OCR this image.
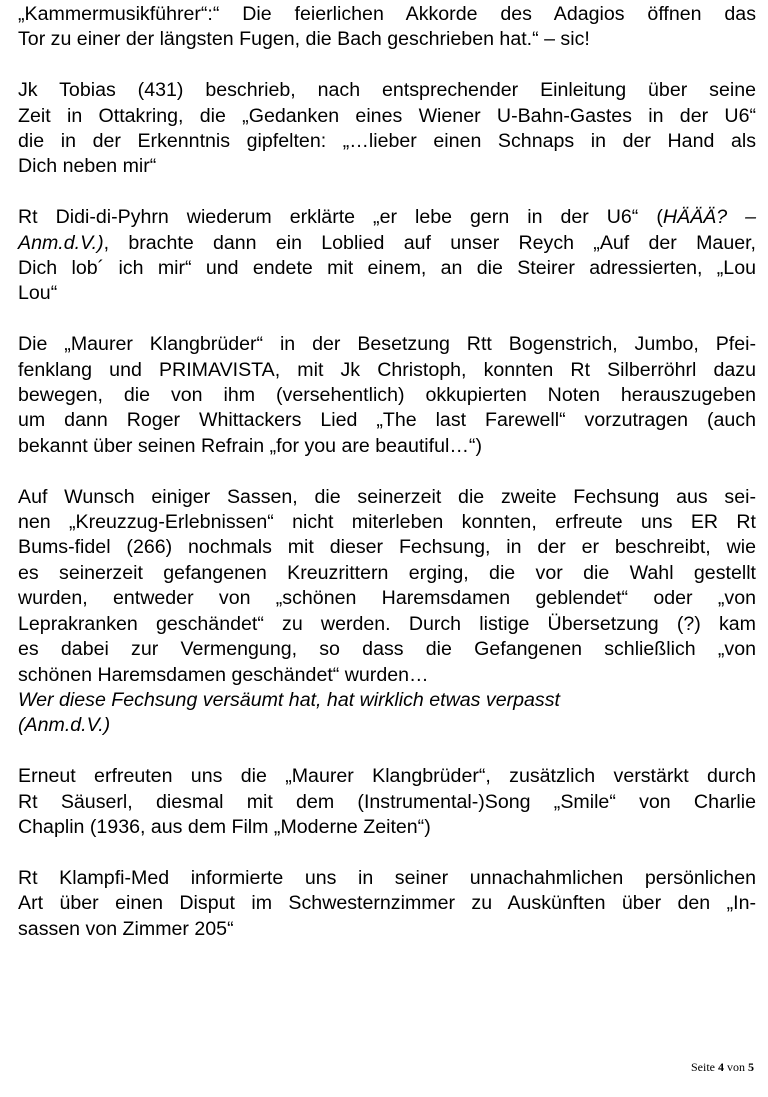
„Kammermusikführer“:“ Die feierlichen Akkorde des Adagios öffnen das
Tor zu einer der längsten Fugen, die Bach geschrieben hat.“ – sic!
Jk Tobias (431) beschrieb, nach entsprechender Einleitung über seine
Zeit in Ottakring, die „Gedanken eines Wiener U-Bahn-Gastes in der U6“
die in der Erkenntnis gipfelten: „…lieber einen Schnaps in der Hand als
Dich neben mir“
Rt Didi-di-Pyhrn wiederum erklärte „er lebe gern in der U6“ (HÄÄÄ? –
Anm.d.V.), brachte dann ein Loblied auf unser Reych „Auf der Mauer,
Dich lob´ ich mir“ und endete mit einem, an die Steirer adressierten, „Lou
Lou“
Die „Maurer Klangbrüder“ in der Besetzung Rtt Bogenstrich, Jumbo, Pfei-
fenklang und PRIMAVISTA, mit Jk Christoph, konnten Rt Silberröhrl dazu
bewegen, die von ihm (versehentlich) okkupierten Noten herauszugeben
um dann Roger Whittackers Lied „The last Farewell“ vorzutragen (auch
bekannt über seinen Refrain „for you are beautiful…“)
Auf Wunsch einiger Sassen, die seinerzeit die zweite Fechsung aus sei-
nen „Kreuzzug-Erlebnissen“ nicht miterleben konnten, erfreute uns ER Rt
Bums-fidel (266) nochmals mit dieser Fechsung, in der er beschreibt, wie
es seinerzeit gefangenen Kreuzrittern erging, die vor die Wahl gestellt
wurden, entweder von „schönen Haremsdamen geblendet“ oder „von
Leprakranken geschändet“ zu werden. Durch listige Übersetzung (?) kam
es dabei zur Vermengung, so dass die Gefangenen schließlich „von
schönen Haremsdamen geschändet“ wurden…
Wer diese Fechsung versäumt hat, hat wirklich etwas verpasst
(Anm.d.V.)
Erneut erfreuten uns die „Maurer Klangbrüder“, zusätzlich verstärkt durch
Rt Säuserl, diesmal mit dem (Instrumental-)Song „Smile“ von Charlie
Chaplin (1936, aus dem Film „Moderne Zeiten“)
Rt Klampfi-Med informierte uns in seiner unnachahmlichen persönlichen
Art über einen Disput im Schwesternzimmer zu Auskünften über den „In-
sassen von Zimmer 205“
Seite 4 von 5
